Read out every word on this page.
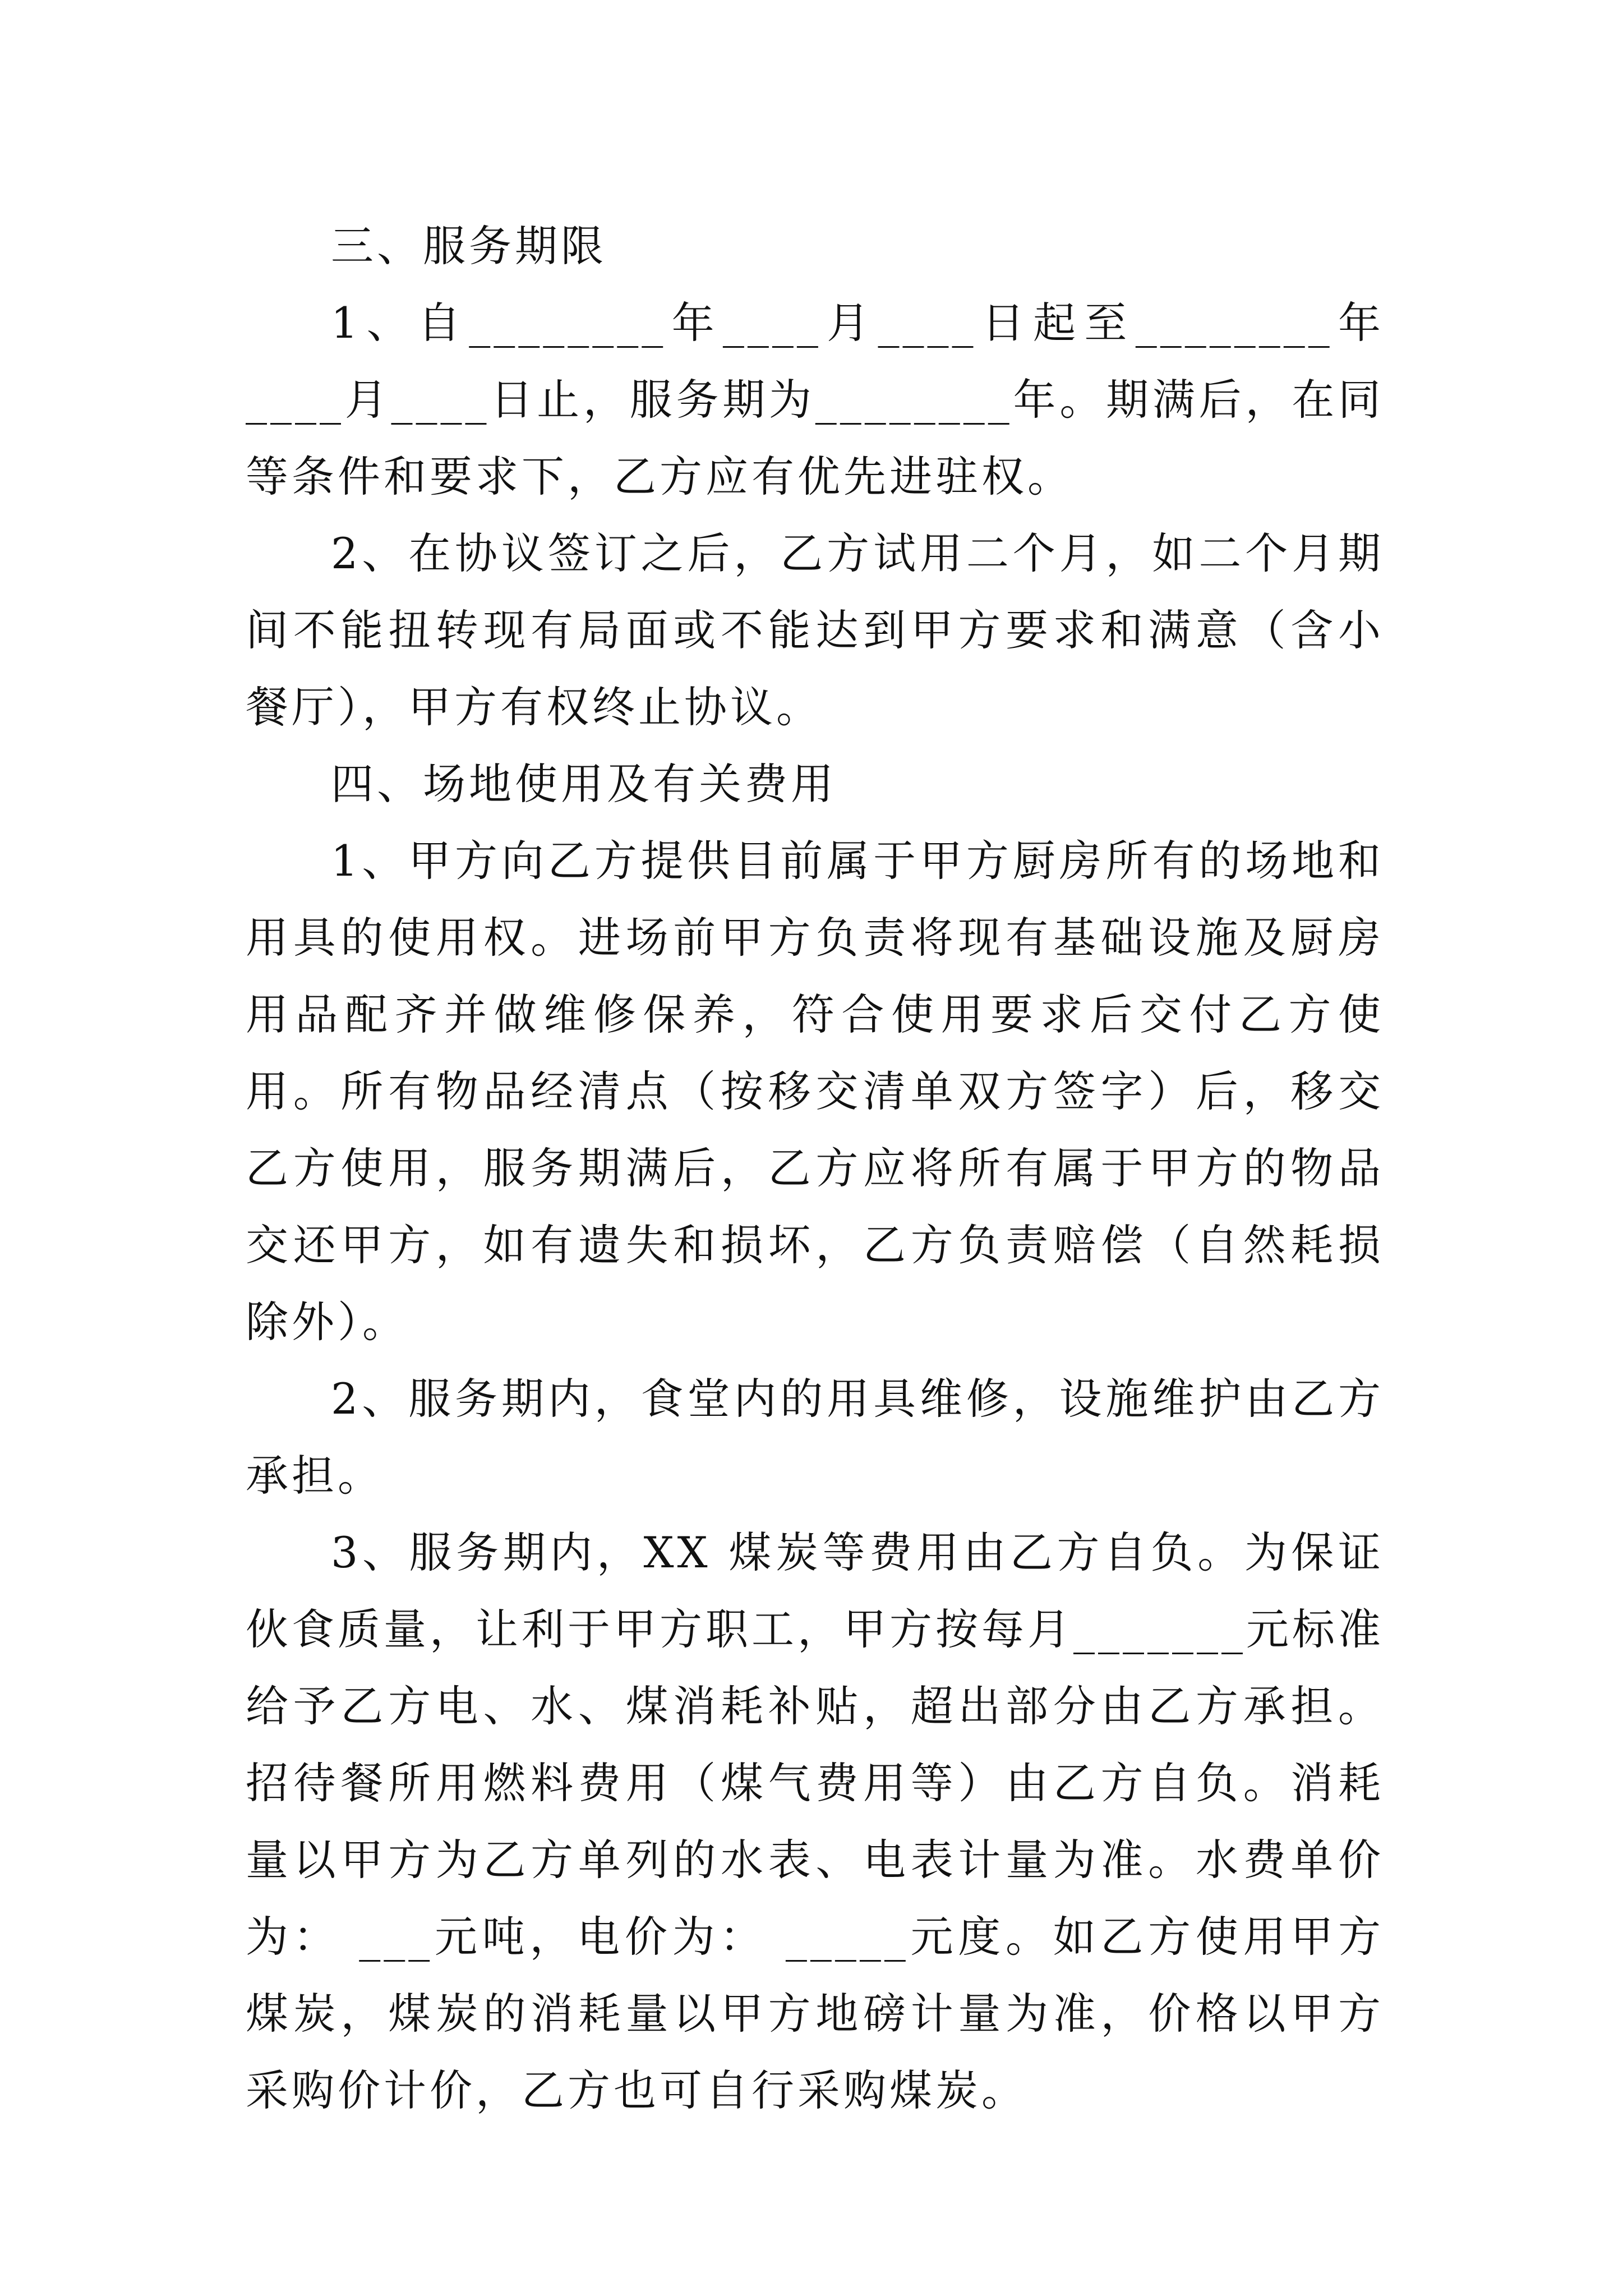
三、服务期限

1、自________年____月____日起至________年____月____日止，服务期为________年。期满后，在同等条件和要求下，乙方应有优先进驻权。

2、在协议签订之后，乙方试用二个月，如二个月期间不能扭转现有局面或不能达到甲方要求和满意（含小餐厅），甲方有权终止协议。

四、场地使用及有关费用

1、甲方向乙方提供目前属于甲方厨房所有的场地和用具的使用权。进场前甲方负责将现有基础设施及厨房用品配齐并做维修保养，符合使用要求后交付乙方使用。所有物品经清点（按移交清单双方签字）后，移交乙方使用，服务期满后，乙方应将所有属于甲方的物品交还甲方，如有遗失和损坏，乙方负责赔偿（自然耗损除外）。

2、服务期内，食堂内的用具维修，设施维护由乙方承担。

3、服务期内，XX 煤炭等费用由乙方自负。为保证伙食质量，让利于甲方职工，甲方按每月_______元标准给予乙方电、水、煤消耗补贴，超出部分由乙方承担。招待餐所用燃料费用（煤气费用等）由乙方自负。消耗量以甲方为乙方单列的水表、电表计量为准。水费单价为： ___元吨，电价为： _____元度。如乙方使用甲方煤炭，煤炭的消耗量以甲方地磅计量为准，价格以甲方采购价计价，乙方也可自行采购煤炭。
